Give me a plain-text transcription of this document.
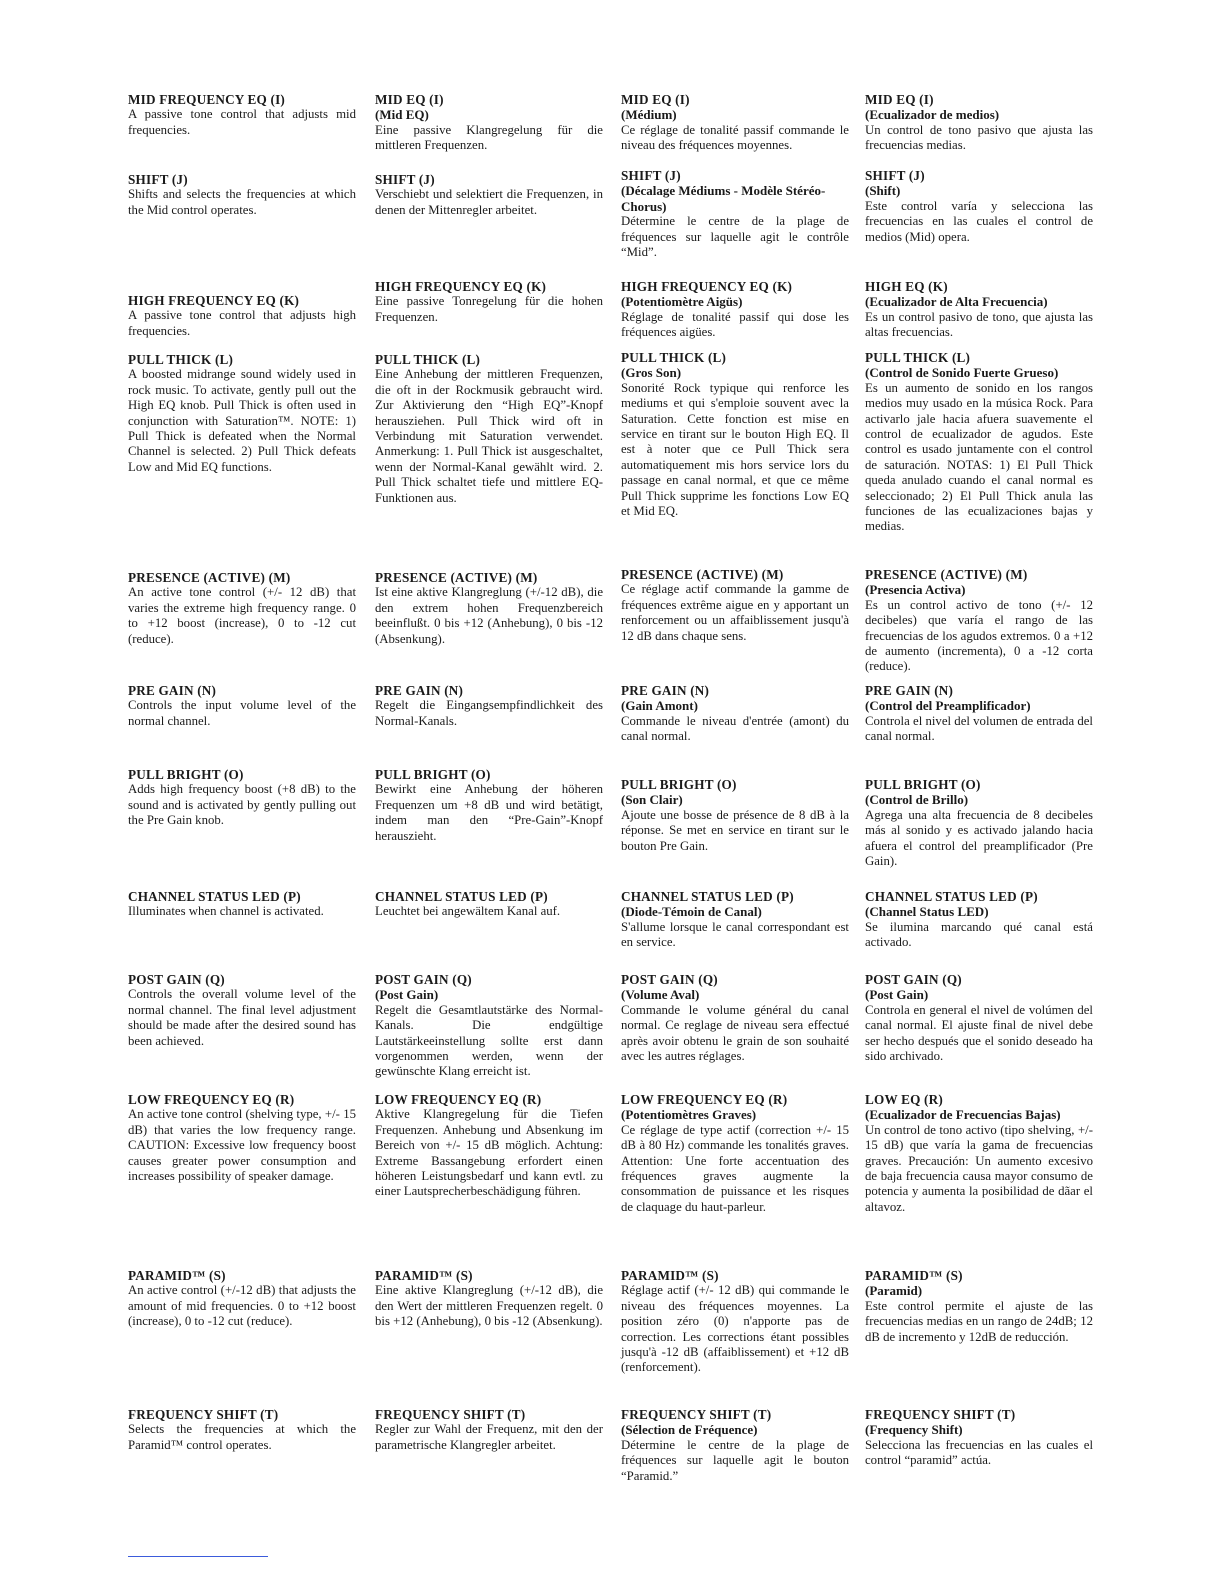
MID FREQUENCY EQ (I)
A passive tone control that adjusts mid frequencies.
SHIFT (J)
Shifts and selects the frequencies at which the Mid control operates.
HIGH FREQUENCY EQ (K)
A passive tone control that adjusts high frequencies.
PULL THICK (L)
A boosted midrange sound widely used in rock music. To activate, gently pull out the High EQ knob. Pull Thick is often used in conjunction with Saturation™. NOTE: 1) Pull Thick is defeated when the Normal Channel is selected. 2) Pull Thick defeats Low and Mid EQ functions.
PRESENCE (ACTIVE) (M)
An active tone control (+/- 12 dB) that varies the extreme high frequency range. 0 to +12 boost (increase), 0 to -12 cut (reduce).
PRE GAIN (N)
Controls the input volume level of the normal channel.
PULL BRIGHT (O)
Adds high frequency boost (+8 dB) to the sound and is activated by gently pulling out the Pre Gain knob.
CHANNEL STATUS LED (P)
Illuminates when channel is activated.
POST GAIN (Q)
Controls the overall volume level of the normal channel. The final level adjustment should be made after the desired sound has been achieved.
LOW FREQUENCY EQ (R)
An active tone control (shelving type, +/- 15 dB) that varies the low frequency range. CAUTION: Excessive low frequency boost causes greater power consumption and increases possibility of speaker damage.
PARAMID™ (S)
An active control (+/-12 dB) that adjusts the amount of mid frequencies. 0 to +12 boost (increase), 0 to -12 cut (reduce).
FREQUENCY SHIFT (T)
Selects the frequencies at which the Paramid™ control operates.
MID EQ (I)
(Mid EQ)
Eine passive Klangregelung für die mittleren Frequenzen.
SHIFT (J)
Verschiebt und selektiert die Frequenzen, in denen der Mittenregler arbeitet.
HIGH FREQUENCY EQ (K)
Eine passive Tonregelung für die hohen Frequenzen.
PULL THICK (L)
Eine Anhebung der mittleren Frequenzen, die oft in der Rockmusik gebraucht wird. Zur Aktivierung den “High EQ”-Knopf herausziehen. Pull Thick wird oft in Verbindung mit Saturation verwendet. Anmerkung: 1. Pull Thick ist ausgeschaltet, wenn der Normal-Kanal gewählt wird. 2. Pull Thick schaltet tiefe und mittlere EQ-Funktionen aus.
PRESENCE (ACTIVE) (M)
Ist eine aktive Klangreglung (+/-12 dB), die den extrem hohen Frequenzbereich beeinflußt. 0 bis +12 (Anhebung), 0 bis -12 (Absenkung).
PRE GAIN (N)
Regelt die Eingangsempfindlichkeit des Normal-Kanals.
PULL BRIGHT (O)
Bewirkt eine Anhebung der höheren Frequenzen um +8 dB und wird betätigt, indem man den “Pre-Gain”-Knopf herauszieht.
CHANNEL STATUS LED (P)
Leuchtet bei angewältem Kanal auf.
POST GAIN (Q)
(Post Gain)
Regelt die Gesamtlautstärke des Normal-Kanals. Die endgültige Lautstärkeeinstellung sollte erst dann vorgenommen werden, wenn der gewünschte Klang erreicht ist.
LOW FREQUENCY EQ (R)
Aktive Klangregelung für die Tiefen Frequenzen. Anhebung und Absenkung im Bereich von +/- 15 dB möglich. Achtung: Extreme Bassangebung erfordert einen höheren Leistungsbedarf und kann evtl. zu einer Lautsprecherbeschädigung führen.
PARAMID™ (S)
Eine aktive Klangreglung (+/-12 dB), die den Wert der mittleren Frequenzen regelt. 0 bis +12 (Anhebung), 0 bis -12 (Absenkung).
FREQUENCY SHIFT (T)
Regler zur Wahl der Frequenz, mit den der parametrische Klangregler arbeitet.
MID EQ (I)
(Médium)
Ce réglage de tonalité passif commande le niveau des fréquences moyennes.
SHIFT (J)
(Décalage Médiums - Modèle Stéréo-Chorus)
Détermine le centre de la plage de fréquences sur laquelle agit le contrôle “Mid”.
HIGH FREQUENCY EQ (K)
(Potentiomètre Aigüs)
Réglage de tonalité passif qui dose les fréquences aigües.
PULL THICK (L)
(Gros Son)
Sonorité Rock typique qui renforce les mediums et qui s'emploie souvent avec la Saturation. Cette fonction est mise en service en tirant sur le bouton High EQ. Il est à noter que ce Pull Thick sera automatiquement mis hors service lors du passage en canal normal, et que ce même Pull Thick supprime les fonctions Low EQ et Mid EQ.
PRESENCE (ACTIVE) (M)
Ce réglage actif commande la gamme de fréquences extrême aigue en y apportant un renforcement ou un affaiblissement jusqu'à 12 dB dans chaque sens.
PRE GAIN (N)
(Gain Amont)
Commande le niveau d'entrée (amont) du canal normal.
PULL BRIGHT (O)
(Son Clair)
Ajoute une bosse de présence de 8 dB à la réponse. Se met en service en tirant sur le bouton Pre Gain.
CHANNEL STATUS LED (P)
(Diode-Témoin de Canal)
S'allume lorsque le canal correspondant est en service.
POST GAIN (Q)
(Volume Aval)
Commande le volume général du canal normal. Ce reglage de niveau sera effectué après avoir obtenu le grain de son souhaité avec les autres réglages.
LOW FREQUENCY EQ (R)
(Potentiomètres Graves)
Ce réglage de type actif (correction +/- 15 dB à 80 Hz) commande les tonalités graves. Attention: Une forte accentuation des fréquences graves augmente la consommation de puissance et les risques de claquage du haut-parleur.
PARAMID™ (S)
Réglage actif (+/- 12 dB) qui commande le niveau des fréquences moyennes. La position zéro (0) n'apporte pas de correction. Les corrections étant possibles jusqu'à -12 dB (affaiblissement) et +12 dB (renforcement).
FREQUENCY SHIFT (T)
(Sélection de Fréquence)
Détermine le centre de la plage de fréquences sur laquelle agit le bouton “Paramid.”
MID EQ (I)
(Ecualizador de medios)
Un control de tono pasivo que ajusta las frecuencias medias.
SHIFT (J)
(Shift)
Este control varía y selecciona las frecuencias en las cuales el control de medios (Mid) opera.
HIGH EQ (K)
(Ecualizador de Alta Frecuencia)
Es un control pasivo de tono, que ajusta las altas frecuencias.
PULL THICK (L)
(Control de Sonido Fuerte Grueso)
Es un aumento de sonido en los rangos medios muy usado en la música Rock. Para activarlo jale hacia afuera suavemente el control de ecualizador de agudos. Este control es usado juntamente con el control de saturación. NOTAS: 1) El Pull Thick queda anulado cuando el canal normal es seleccionado; 2) El Pull Thick anula las funciones de las ecualizaciones bajas y medias.
PRESENCE (ACTIVE) (M)
(Presencia Activa)
Es un control activo de tono (+/- 12 decibeles) que varía el rango de las frecuencias de los agudos extremos. 0 a +12 de aumento (incrementa), 0 a -12 corta (reduce).
PRE GAIN (N)
(Control del Preamplificador)
Controla el nivel del volumen de entrada del canal normal.
PULL BRIGHT (O)
(Control de Brillo)
Agrega una alta frecuencia de 8 decibeles más al sonido y es activado jalando hacia afuera el control del preamplificador (Pre Gain).
CHANNEL STATUS LED (P)
(Channel Status LED)
Se ilumina marcando qué canal está activado.
POST GAIN (Q)
(Post Gain)
Controla en general el nivel de volúmen del canal normal. El ajuste final de nivel debe ser hecho después que el sonido deseado ha sido archivado.
LOW EQ (R)
(Ecualizador de Frecuencias Bajas)
Un control de tono activo (tipo shelving, +/- 15 dB) que varía la gama de frecuencias graves. Precaución: Un aumento excesivo de baja frecuencia causa mayor consumo de potencia y aumenta la posibilidad de dãar el altavoz.
PARAMID™ (S)
(Paramid)
Este control permite el ajuste de las frecuencias medias en un rango de 24dB; 12 dB de incremento y 12dB de reducción.
FREQUENCY SHIFT (T)
(Frequency Shift)
Selecciona las frecuencias en las cuales el control “paramid” actúa.
